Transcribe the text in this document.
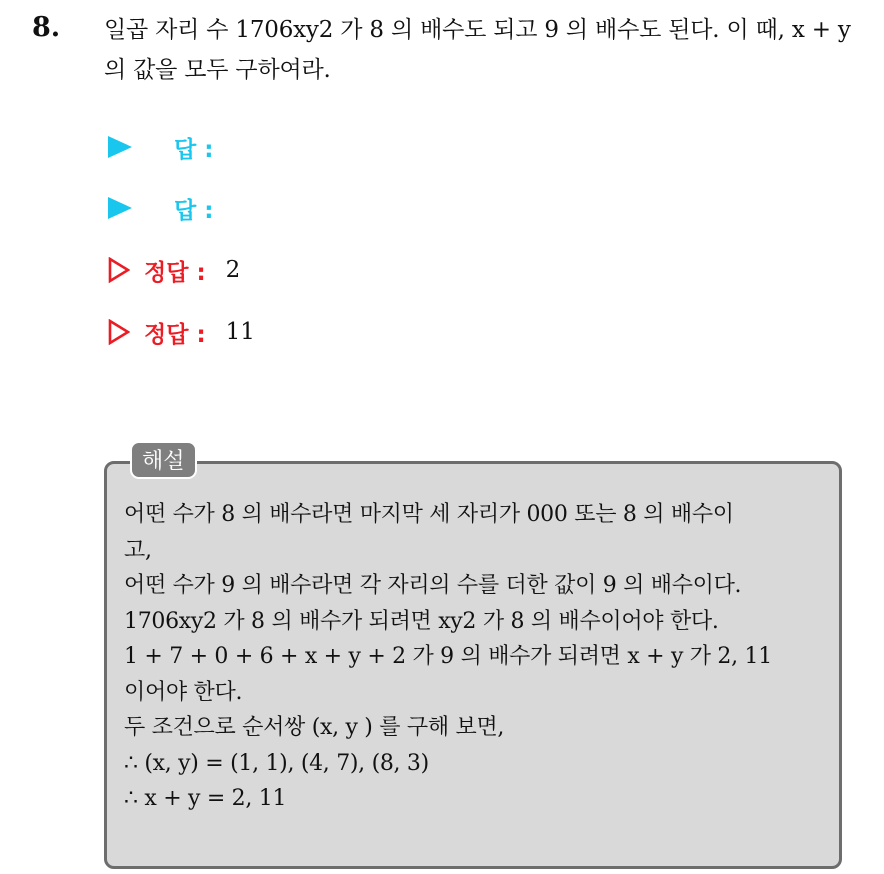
8. 일곱 자리 수 1706xy2 가 8 의 배수도 되고 9 의 배수도 된다. 이 때, x + y 의 값을 모두 구하여라.
답 :
답 :
정답 : 2
정답 : 11
해설
어떤 수가 8 의 배수라면 마지막 세 자리가 000 또는 8 의 배수이
고,
어떤 수가 9 의 배수라면 각 자리의 수를 더한 값이 9 의 배수이다.
1706xy2 가 8 의 배수가 되려면 xy2 가 8 의 배수이어야 한다.
1 + 7 + 0 + 6 + x + y + 2 가 9 의 배수가 되려면 x + y 가 2, 11
이어야 한다.
두 조건으로 순서쌍 (x, y ) 를 구해 보면,
∴ (x, y) = (1, 1), (4, 7), (8, 3)
∴ x + y = 2, 11
